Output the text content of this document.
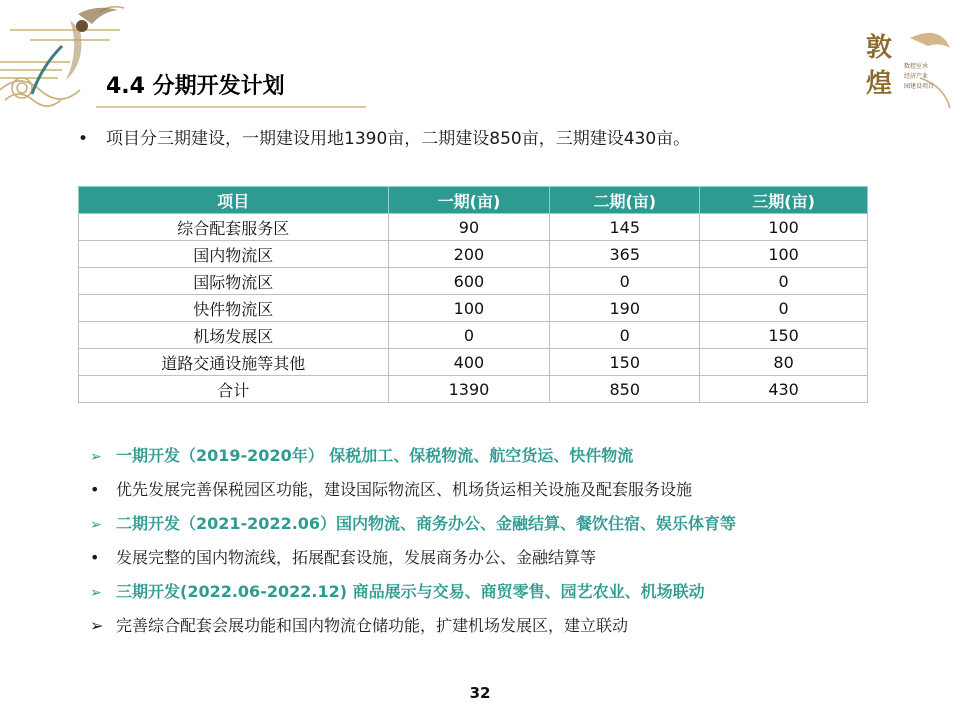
敦
煌
数控室承
经济产业
园建设项目
4.4 分期开发计划
• 项目分三期建设，一期建设用地1390亩，二期建设850亩，三期建设430亩。
项目	一期(亩)	二期(亩)	三期(亩)
综合配套服务区	90	145	100
国内物流区	200	365	100
国际物流区	600	0	0
快件物流区	100	190	0
机场发展区	0	0	150
道路交通设施等其他	400	150	80
合计	1390	850	430
➢ 一期开发（2019-2020年） 保税加工、保税物流、航空货运、快件物流
• 优先发展完善保税园区功能，建设国际物流区、机场货运相关设施及配套服务设施
➢ 二期开发（2021-2022.06）国内物流、商务办公、金融结算、餐饮住宿、娱乐体育等
• 发展完整的国内物流线，拓展配套设施，发展商务办公、金融结算等
➢ 三期开发(2022.06-2022.12) 商品展示与交易、商贸零售、园艺农业、机场联动
➢ 完善综合配套会展功能和国内物流仓储功能，扩建机场发展区，建立联动
32
